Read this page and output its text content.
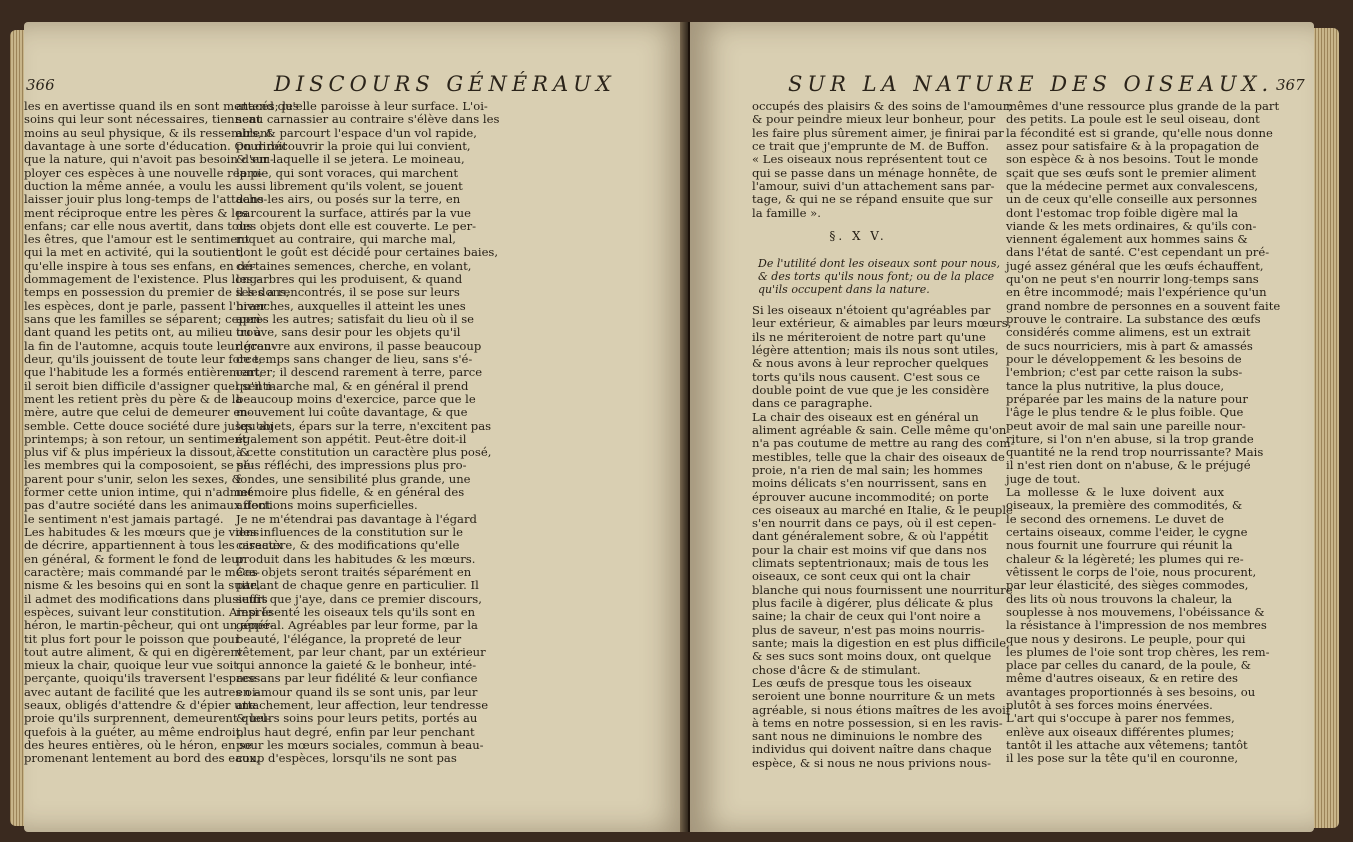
366	DISCOURS GÉNÉRAUX
les en avertisse quand ils en sont menacés; les
soins qui leur sont nécessaires, tiennent
moins au seul physique, & ils ressemblent
davantage à une sorte d'éducation. On diroit
que la nature, qui n'avoit pas besoin d'em-
ployer ces espèces à une nouvelle repro-
duction la même année, a voulu les
laisser jouir plus long-temps de l'attache-
ment réciproque entre les pères & les
enfans; car elle nous avertit, dans tous
les êtres, que l'amour est le sentiment
qui la met en activité, qui la soutient,
qu'elle inspire à tous ses enfans, en dé-
dommagement de l'existence. Plus long-
temps en possession du premier de ses dons,
les espèces, dont je parle, passent l'hiver
sans que les familles se séparent; cepen-
dant quand les petits ont, au milieu ou à
la fin de l'automne, acquis toute leur gran-
deur, qu'ils jouissent de toute leur force,
que l'habitude les a formés entièrement,
il seroit bien difficile d'assigner quel senti-
ment les retient près du père & de la
mère, autre que celui de demeurer en-
semble. Cette douce société dure jusqu'au
printemps; à son retour, un sentiment
plus vif & plus impérieux la dissout, &
les membres qui la composoient, se sé-
parent pour s'unir, selon les sexes, &
former cette union intime, qui n'admet
pas d'autre société dans les animaux dont
le sentiment n'est jamais partagé.
Les habitudes & les mœurs que je viens
de décrire, appartiennent à tous les oiseaux
en général, & forment le fond de leur
caractère; mais commandé par le méca-
nisme & les besoins qui en sont la suite,
il admet des modifications dans plusieurs
espèces, suivant leur constitution. Ainsi le
héron, le martin-pêcheur, qui ont un appé-
tit plus fort pour le poisson que pour
tout autre aliment, & qui en digèrent
mieux la chair, quoique leur vue soit
perçante, quoiqu'ils traversent l'espace
avec autant de facilité que les autres oi-
seaux, obligés d'attendre & d'épier une
proie qu'ils surprennent, demeurent quel-
quefois à la guéter, au même endroit,
des heures entières, où le héron, en se
promenant lentement au bord des eaux,
attend qu'elle paroisse à leur surface. L'oi-
seau carnassier au contraire s'élève dans les
airs, & parcourt l'espace d'un vol rapide,
pour découvrir la proie qui lui convient,
& sur laquelle il se jetera. Le moineau,
la pie, qui sont voraces, qui marchent
aussi librement qu'ils volent, se jouent
dans les airs, ou posés sur la terre, en
parcourent la surface, attirés par la vue
des objets dont elle est couverte. Le per-
roquet au contraire, qui marche mal,
dont le goût est décidé pour certaines baies,
certaines semences, cherche, en volant,
les arbres qui les produisent, & quand
il les a rencontrés, il se pose sur leurs
branches, auxquelles il atteint les unes
après les autres; satisfait du lieu où il se
trouve, sans desir pour les objets qu'il
découvre aux environs, il passe beaucoup
de temps sans changer de lieu, sans s'é-
carter; il descend rarement à terre, parce
qu'il marche mal, & en général il prend
beaucoup moins d'exercice, parce que le
mouvement lui coûte davantage, & que
les objets, épars sur la terre, n'excitent pas
également son appétit. Peut-être doit-il
à cette constitution un caractère plus posé,
plus réfléchi, des impressions plus pro-
fondes, une sensibilité plus grande, une
mémoire plus fidelle, & en général des
affections moins superficielles.
Je ne m'étendrai pas davantage à l'égard
des influences de la constitution sur le
caractère, & des modifications qu'elle
produit dans les habitudes & les mœurs.
Ces objets seront traités séparément en
parlant de chaque genre en particulier. Il
suffit que j'aye, dans ce premier discours,
représenté les oiseaux tels qu'ils sont en
général. Agréables par leur forme, par la
beauté, l'élégance, la propreté de leur
vêtement, par leur chant, par un extérieur
qui annonce la gaieté & le bonheur, inté-
ressans par leur fidélité & leur confiance
en amour quand ils se sont unis, par leur
attachement, leur affection, leur tendresse
& leurs soins pour leurs petits, portés au
plus haut degré, enfin par leur penchant
pour les mœurs sociales, commun à beau-
coup d'espèces, lorsqu'ils ne sont pas
SUR LA NATURE DES OISEAUX. 367
occupés des plaisirs & des soins de l'amour;
& pour peindre mieux leur bonheur, pour
les faire plus sûrement aimer, je finirai par
ce trait que j'emprunte de M. de Buffon.
« Les oiseaux nous représentent tout ce
qui se passe dans un ménage honnête, de
l'amour, suivi d'un attachement sans par-
tage, & qui ne se répand ensuite que sur
la famille ».
§. X V.
De l'utilité dont les oiseaux sont pour nous,
& des torts qu'ils nous font; ou de la place
qu'ils occupent dans la nature.
Si les oiseaux n'étoient qu'agréables par
leur extérieur, & aimables par leurs mœurs,
ils ne mériteroient de notre part qu'une
légère attention; mais ils nous sont utiles,
& nous avons à leur reprocher quelques
torts qu'ils nous causent. C'est sous ce
double point de vue que je les considère
dans ce paragraphe.
La chair des oiseaux est en général un
aliment agréable & sain. Celle même qu'on
n'a pas coutume de mettre au rang des com-
mestibles, telle que la chair des oiseaux de
proie, n'a rien de mal sain; les hommes
moins délicats s'en nourrissent, sans en
éprouver aucune incommodité; on porte
ces oiseaux au marché en Italie, & le peuple
s'en nourrit dans ce pays, où il est cepen-
dant généralement sobre, & où l'appétit
pour la chair est moins vif que dans nos
climats septentrionaux; mais de tous les
oiseaux, ce sont ceux qui ont la chair
blanche qui nous fournissent une nourriture
plus facile à digérer, plus délicate & plus
saine; la chair de ceux qui l'ont noire a
plus de saveur, n'est pas moins nourris-
sante; mais la digestion en est plus difficile,
& ses sucs sont moins doux, ont quelque
chose d'âcre & de stimulant.
Les œufs de presque tous les oiseaux
seroient une bonne nourriture & un mets
agréable, si nous étions maîtres de les avoir
à tems en notre possession, si en les ravis-
sant nous ne diminuions le nombre des
individus qui doivent naître dans chaque
espèce, & si nous ne nous privions nous-
mêmes d'une ressource plus grande de la part
des petits. La poule est le seul oiseau, dont
la fécondité est si grande, qu'elle nous donne
assez pour satisfaire & à la propagation de
son espèce & à nos besoins. Tout le monde
sçait que ses œufs sont le premier aliment
que la médecine permet aux convalescens,
un de ceux qu'elle conseille aux personnes
dont l'estomac trop foible digère mal la
viande & les mets ordinaires, & qu'ils con-
viennent également aux hommes sains &
dans l'état de santé. C'est cependant un pré-
jugé assez général que les œufs échauffent,
qu'on ne peut s'en nourrir long-temps sans
en être incommodé; mais l'expérience qu'un
grand nombre de personnes en a souvent faite
prouve le contraire. La substance des œufs
considérés comme alimens, est un extrait
de sucs nourriciers, mis à part & amassés
pour le développement & les besoins de
l'embrion; c'est par cette raison la subs-
tance la plus nutritive, la plus douce,
préparée par les mains de la nature pour
l'âge le plus tendre & le plus foible. Que
peut avoir de mal sain une pareille nour-
riture, si l'on n'en abuse, si la trop grande
quantité ne la rend trop nourrissante? Mais
il n'est rien dont on n'abuse, & le préjugé
juge de tout.
La mollesse & le luxe doivent aux
oiseaux, la première des commodités, &
le second des ornemens. Le duvet de
certains oiseaux, comme l'eider, le cygne
nous fournit une fourrure qui réunit la
chaleur & la légèreté; les plumes qui re-
vêtissent le corps de l'oie, nous procurent,
par leur élasticité, des sièges commodes,
des lits où nous trouvons la chaleur, la
souplesse à nos mouvemens, l'obéissance &
la résistance à l'impression de nos membres
que nous y desirons. Le peuple, pour qui
les plumes de l'oie sont trop chères, les rem-
place par celles du canard, de la poule, &
même d'autres oiseaux, & en retire des
avantages proportionnés à ses besoins, ou
plutôt à ses forces moins énervées.
L'art qui s'occupe à parer nos femmes,
enlève aux oiseaux différentes plumes;
tantôt il les attache aux vêtemens; tantôt
il les pose sur la tête qu'il en couronne,
